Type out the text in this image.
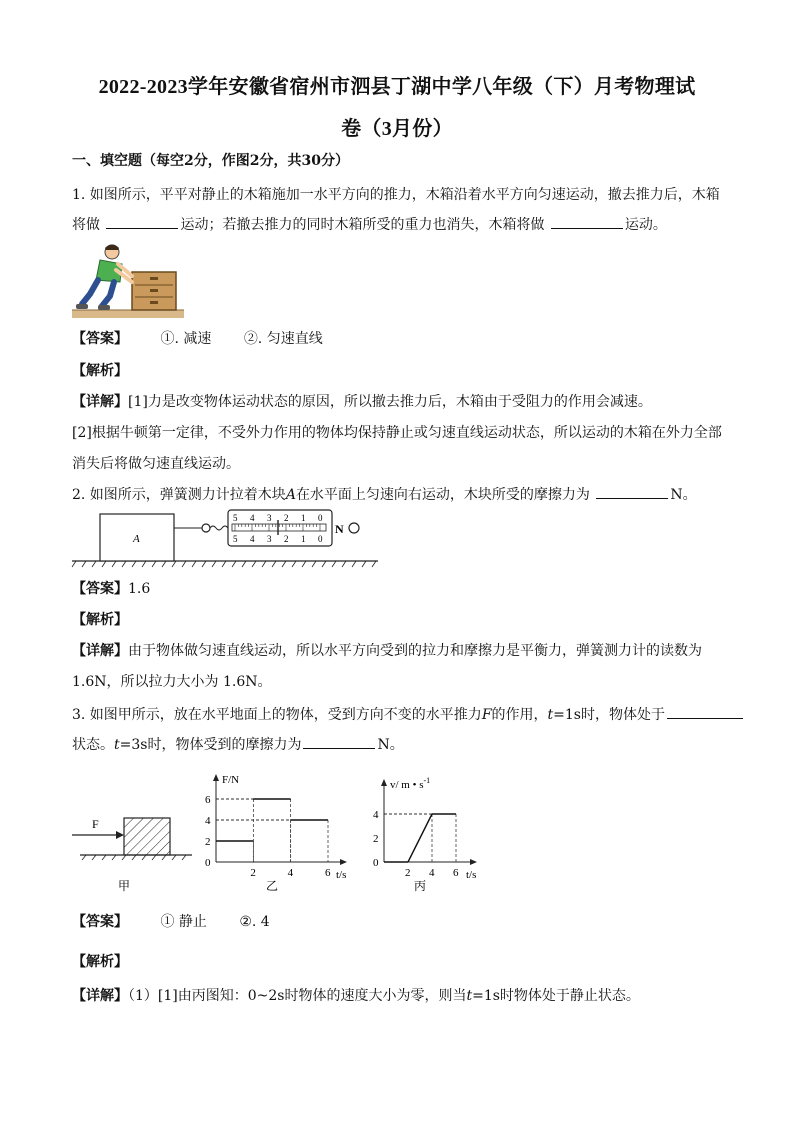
2022-2023学年安徽省宿州市泗县丁湖中学八年级（下）月考物理试
卷（3月份）
一、填空题（每空2分，作图2分，共30分）
1. 如图所示，平平对静止的木箱施加一水平方向的推力，木箱沿着水平方向匀速运动，撤去推力后，木箱
将做	运动；若撤去推力的同时木箱所受的重力也消失，木箱将做	运动。
【答案】 ①. 减速 ②. 匀速直线
【解析】
【详解】[1]力是改变物体运动状态的原因，所以撤去推力后，木箱由于受阻力的作用会减速。
[2]根据牛顿第一定律，不受外力作用的物体均保持静止或匀速直线运动状态，所以运动的木箱在外力全部
消失后将做匀速直线运动。
2. 如图所示，弹簧测力计拉着木块A在水平面上匀速向右运动，木块所受的摩擦力为	N。
A
5 4 3 2 1 0
5 4 3 2 1 0
N
【答案】1.6
【解析】
【详解】由于物体做匀速直线运动，所以水平方向受到的拉力和摩擦力是平衡力，弹簧测力计的读数为
1.6N，所以拉力大小为 1.6N。
3. 如图甲所示，放在水平地面上的物体，受到方向不变的水平推力F的作用，t=1s时，物体处于
状态。t=3s时，物体受到的摩擦力为	N。
F
甲
2
4
6
2	4	6
F/N
t/s
0
乙
2
4
2 4 6
v/ m • $s^{-1}$
t/s
0
丙
【答案】 ① 静止 ②. 4
【解析】
【详解】（1）[1]由丙图知：0~2s时物体的速度大小为零，则当t=1s时物体处于静止状态。
